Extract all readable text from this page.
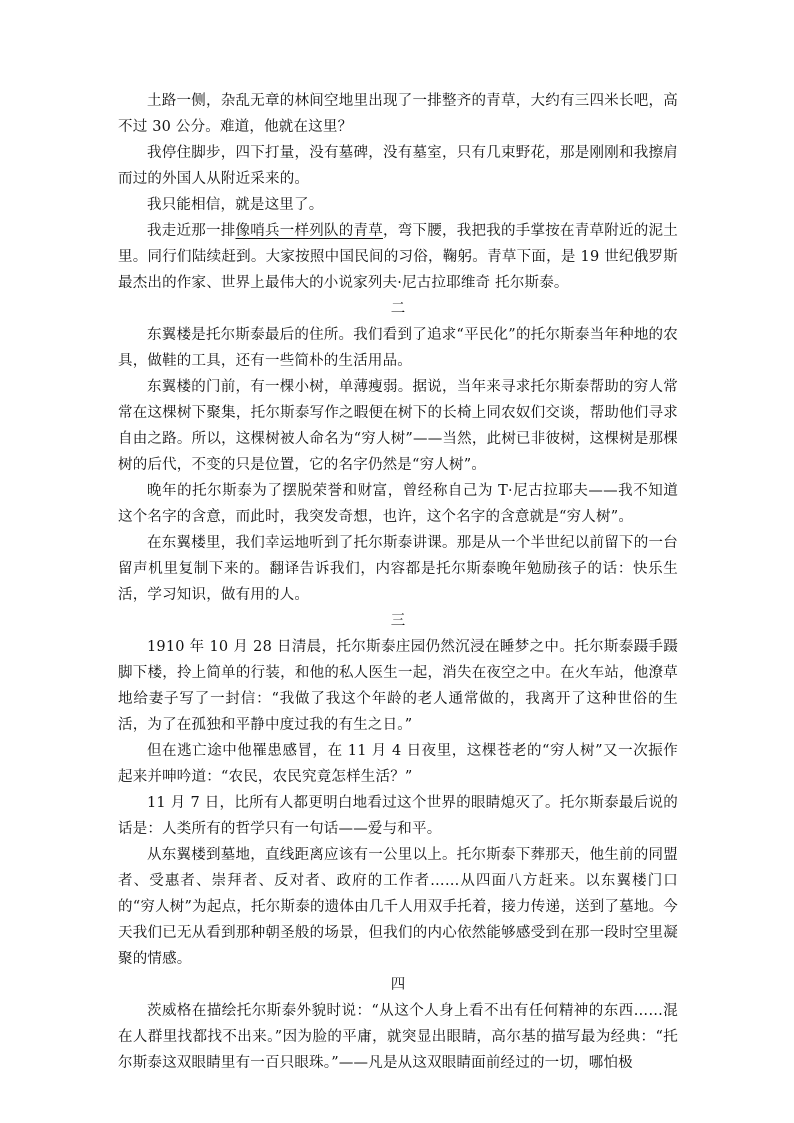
土路一侧，杂乱无章的林间空地里出现了一排整齐的青草，大约有三四米长吧，高不过 30 公分。难道，他就在这里？

我停住脚步，四下打量，没有墓碑，没有墓室，只有几束野花，那是刚刚和我擦肩而过的外国人从附近采来的。

我只能相信，就是这里了。

我走近那一排像哨兵一样列队的青草，弯下腰，我把我的手掌按在青草附近的泥土里。同行们陆续赶到。大家按照中国民间的习俗，鞠躬。青草下面，是 19 世纪俄罗斯最杰出的作家、世界上最伟大的小说家列夫·尼古拉耶维奇 托尔斯泰。

二

东翼楼是托尔斯泰最后的住所。我们看到了追求“平民化”的托尔斯泰当年种地的农具，做鞋的工具，还有一些简朴的生活用品。

东翼楼的门前，有一棵小树，单薄瘦弱。据说，当年来寻求托尔斯泰帮助的穷人常常在这棵树下聚集，托尔斯泰写作之暇便在树下的长椅上同农奴们交谈，帮助他们寻求自由之路。所以，这棵树被人命名为“穷人树”——当然，此树已非彼树，这棵树是那棵树的后代，不变的只是位置，它的名字仍然是“穷人树”。

晚年的托尔斯泰为了摆脱荣誉和财富，曾经称自己为 T·尼古拉耶夫——我不知道这个名字的含意，而此时，我突发奇想，也许，这个名字的含意就是“穷人树”。

在东翼楼里，我们幸运地听到了托尔斯泰讲课。那是从一个半世纪以前留下的一台留声机里复制下来的。翻译告诉我们，内容都是托尔斯泰晚年勉励孩子的话：快乐生活，学习知识，做有用的人。

三

1910 年 10 月 28 日清晨，托尔斯泰庄园仍然沉浸在睡梦之中。托尔斯泰蹑手蹑脚下楼，拎上简单的行装，和他的私人医生一起，消失在夜空之中。在火车站，他潦草地给妻子写了一封信：“我做了我这个年龄的老人通常做的，我离开了这种世俗的生活，为了在孤独和平静中度过我的有生之日。”

但在逃亡途中他罹患感冒，在 11 月 4 日夜里，这棵苍老的“穷人树”又一次振作起来并呻吟道：“农民，农民究竟怎样生活？”

11 月 7 日，比所有人都更明白地看过这个世界的眼睛熄灭了。托尔斯泰最后说的话是：人类所有的哲学只有一句话——爱与和平。

从东翼楼到墓地，直线距离应该有一公里以上。托尔斯泰下葬那天，他生前的同盟者、受惠者、崇拜者、反对者、政府的工作者……从四面八方赶来。以东翼楼门口的“穷人树”为起点，托尔斯泰的遗体由几千人用双手托着，接力传递，送到了墓地。今天我们已无从看到那种朝圣般的场景，但我们的内心依然能够感受到在那一段时空里凝聚的情感。

四

茨威格在描绘托尔斯泰外貌时说：“从这个人身上看不出有任何精神的东西……混在人群里找都找不出来。”因为脸的平庸，就突显出眼睛，高尔基的描写最为经典：“托尔斯泰这双眼睛里有一百只眼珠。”——凡是从这双眼睛面前经过的一切，哪怕极
